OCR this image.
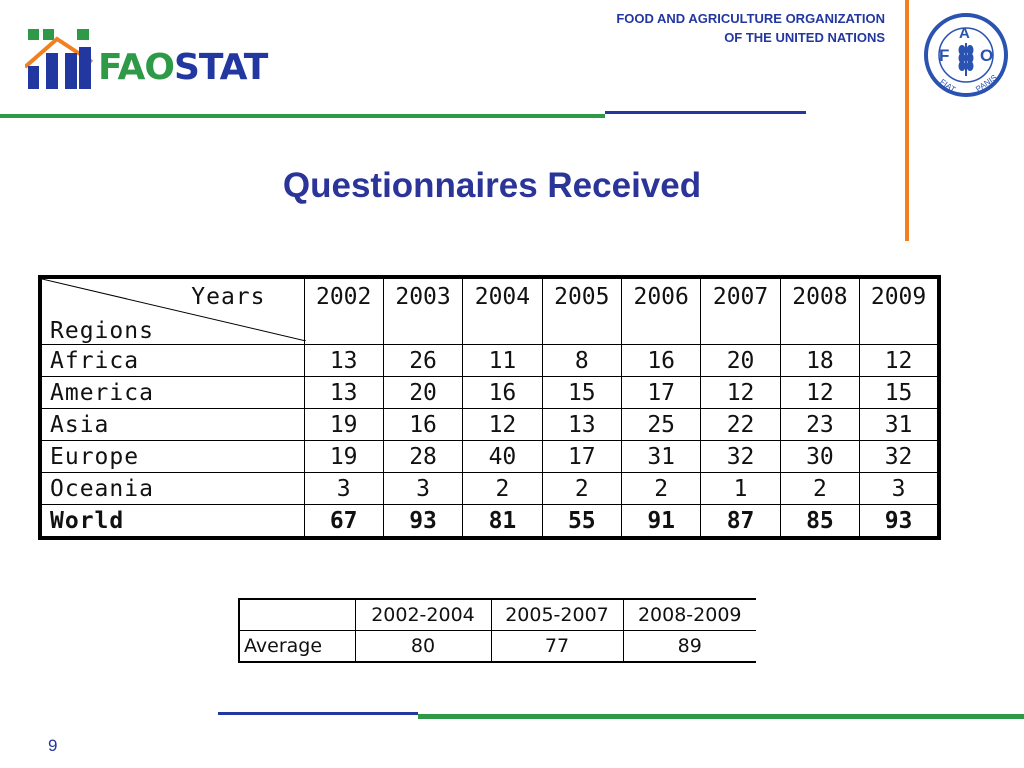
FAOSTAT
FOOD AND AGRICULTURE ORGANIZATION
OF THE UNITED NATIONS
F
A
O
FIAT PANIS
Questionnaires Received
Years
Regions	2002	2003	2004	2005	2006	2007	2008	2009
Africa	13	26	11	8	16	20	18	12
America	13	20	16	15	17	12	12	15
Asia	19	16	12	13	25	22	23	31
Europe	19	28	40	17	31	32	30	32
Oceania	3	3	2	2	2	1	2	3
World	67	93	81	55	91	87	85	93
	2002-2004	2005-2007	2008-2009
Average	80	77	89
9
